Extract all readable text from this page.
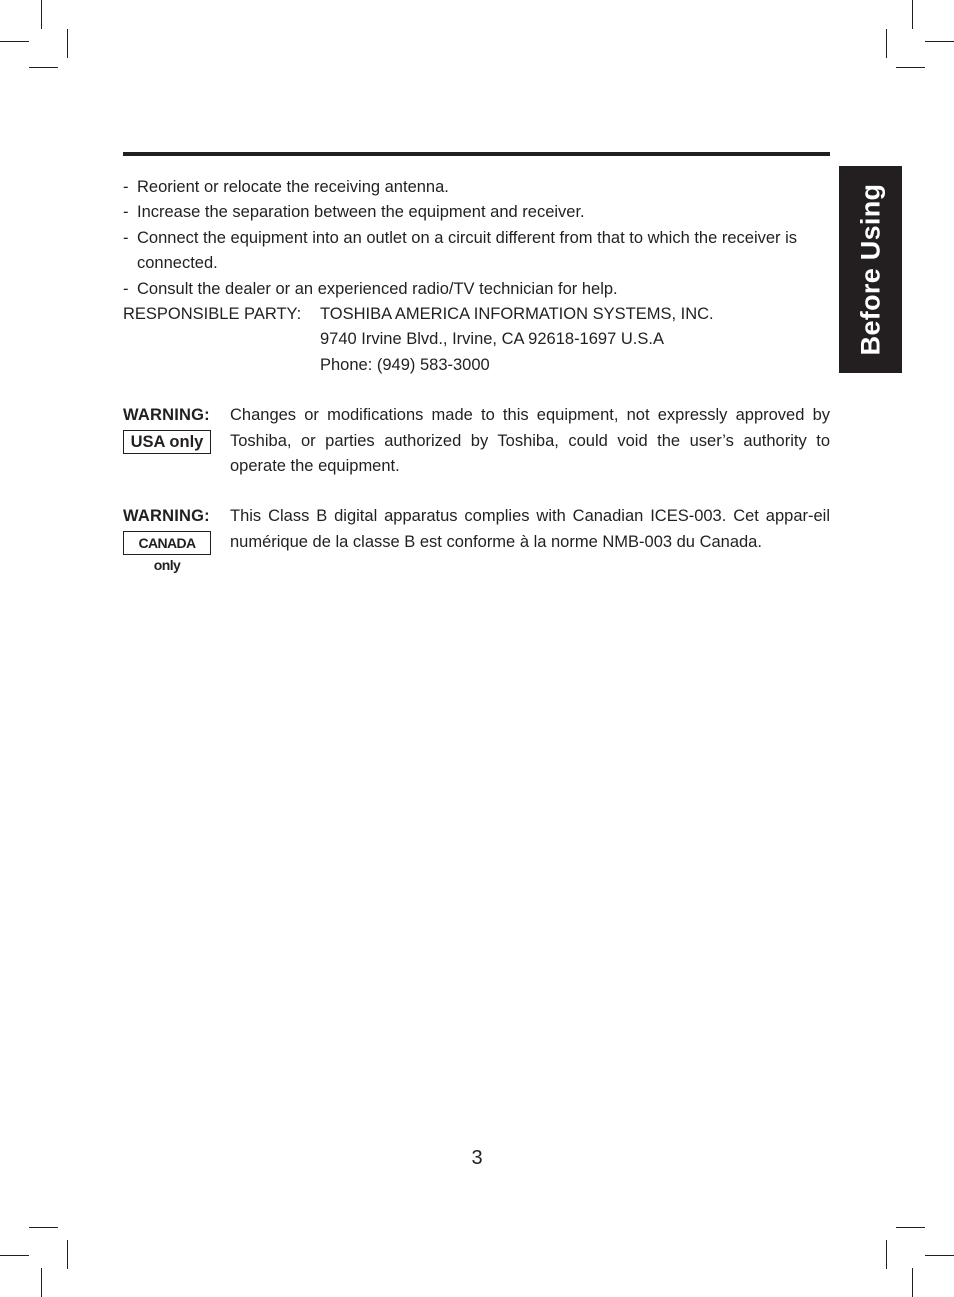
Before Using
- Reorient or relocate the receiving antenna.
- Increase the separation between the equipment and receiver.
- Connect the equipment into an outlet on a circuit different from that to which the receiver is connected.
- Consult the dealer or an experienced radio/TV technician for help.
RESPONSIBLE PARTY:	TOSHIBA AMERICA INFORMATION SYSTEMS, INC.
9740 Irvine Blvd., Irvine, CA 92618-1697 U.S.A
Phone: (949) 583-3000
WARNING:
USA only
Changes or modifications made to this equipment, not expressly approved by Toshiba, or parties authorized by Toshiba, could void the user’s authority to operate the equipment.
WARNING:
CANADA only
This Class B digital apparatus complies with Canadian ICES-003. Cet appar-eil numérique de la classe B est conforme à la norme NMB-003 du Canada.
3
